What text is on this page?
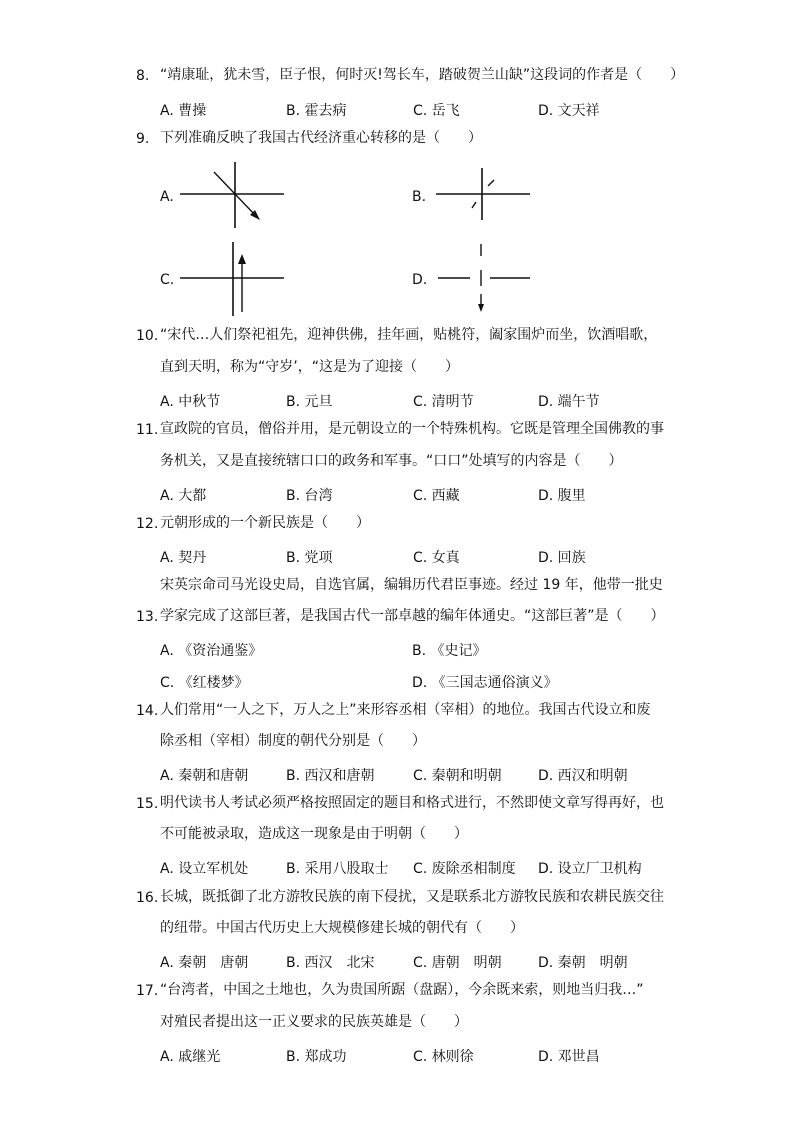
8. “靖康耻，犹未雪，臣子恨，何时灭!驾长车，踏破贺兰山缺”这段词的作者是（　　）
A. 曹操	B. 霍去病	C. 岳飞	D. 文天祥
9. 下列准确反映了我国古代经济重心转移的是（　　）
A.	B.
C.	D.
10. “宋代…人们祭祀祖先，迎神供佛，挂年画，贴桃符，阖家围炉而坐，饮酒唱歌，
直到天明，称为“守岁’，“这是为了迎接（　　）
A. 中秋节	B. 元旦	C. 清明节	D. 端午节
11. 宣政院的官员，僧俗并用，是元朝设立的一个特殊机构。它既是管理全国佛教的事
务机关，又是直接统辖口口的政务和军事。“口口”处填写的内容是（　　）
A. 大都	B. 台湾	C. 西藏	D. 腹里
12. 元朝形成的一个新民族是（　　）
A. 契丹	B. 党项	C. 女真	D. 回族
13.
宋英宗命司马光设史局，自选官属，编辑历代君臣事迹。经过 19 年，他带一批史
学家完成了这部巨著，是我国古代一部卓越的编年体通史。“这部巨著”是（　　）
A. 《资治通鉴》	B. 《史记》
C. 《红楼梦》	D. 《三国志通俗演义》
14. 人们常用“一人之下，万人之上”来形容丞相（宰相）的地位。我国古代设立和废
除丞相（宰相）制度的朝代分别是（　　）
A. 秦朝和唐朝	B. 西汉和唐朝	C. 秦朝和明朝	D. 西汉和明朝
15. 明代读书人考试必须严格按照固定的题目和格式进行，不然即使文章写得再好，也
不可能被录取，造成这一现象是由于明朝（　　）
A. 设立军机处	B. 采用八股取士 C. 废除丞相制度 D. 设立厂卫机构
16. 长城，既抵御了北方游牧民族的南下侵扰，又是联系北方游牧民族和农耕民族交往
的纽带。中国古代历史上大规模修建长城的朝代有（　　）
A. 秦朝　唐朝	B. 西汉　北宋	C. 唐朝　明朝	D. 秦朝　明朝
17. “台湾者，中国之土地也，久为贵国所踞（盘踞），今余既来索，则地当归我…”
对殖民者提出这一正义要求的民族英雄是（　　）
A. 戚继光	B. 郑成功	C. 林则徐	D. 邓世昌
